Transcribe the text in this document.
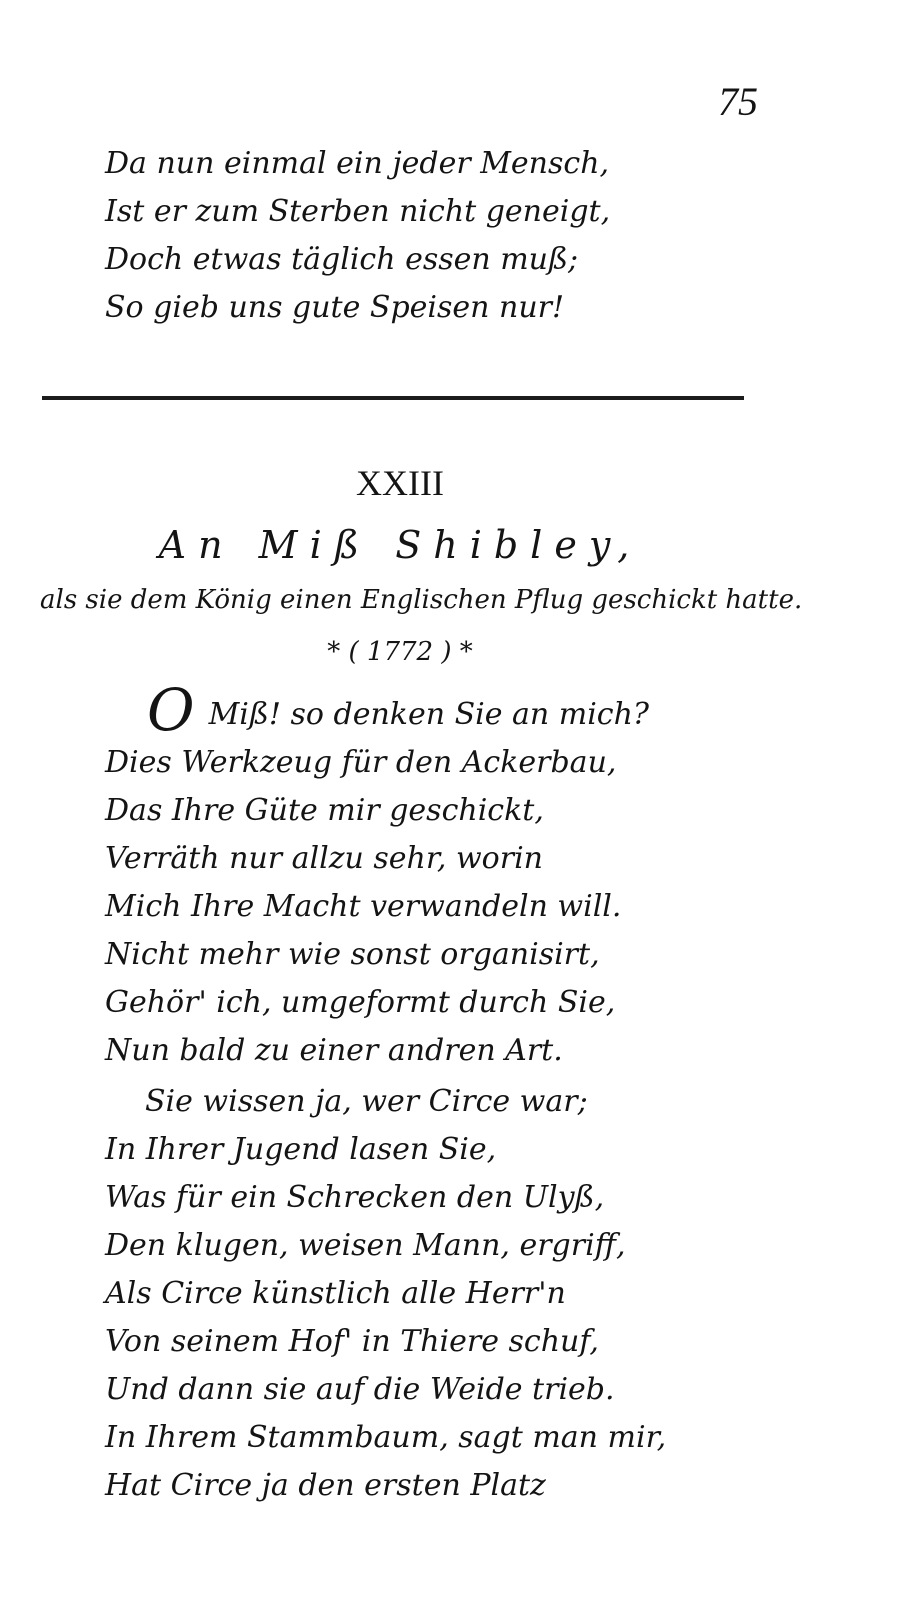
75
Da nun einmal ein jeder Mensch,
Ist er zum Sterben nicht geneigt,
Doch etwas täglich essen muß;
So gieb uns gute Speisen nur!
XXIII
An Miß Shibley,
als sie dem König einen Englischen Pflug geschickt hatte.
* ( 1772 ) *
O Miß! so denken Sie an mich?
Dies Werkzeug für den Ackerbau,
Das Ihre Güte mir geschickt,
Verräth nur allzu sehr, worin
Mich Ihre Macht verwandeln will.
Nicht mehr wie sonst organisirt,
Gehör' ich, umgeformt durch Sie,
Nun bald zu einer andren Art.
Sie wissen ja, wer Circe war;
In Ihrer Jugend lasen Sie,
Was für ein Schrecken den Ulyß,
Den klugen, weisen Mann, ergriff,
Als Circe künstlich alle Herr'n
Von seinem Hof' in Thiere schuf,
Und dann sie auf die Weide trieb.
In Ihrem Stammbaum, sagt man mir,
Hat Circe ja den ersten Platz
